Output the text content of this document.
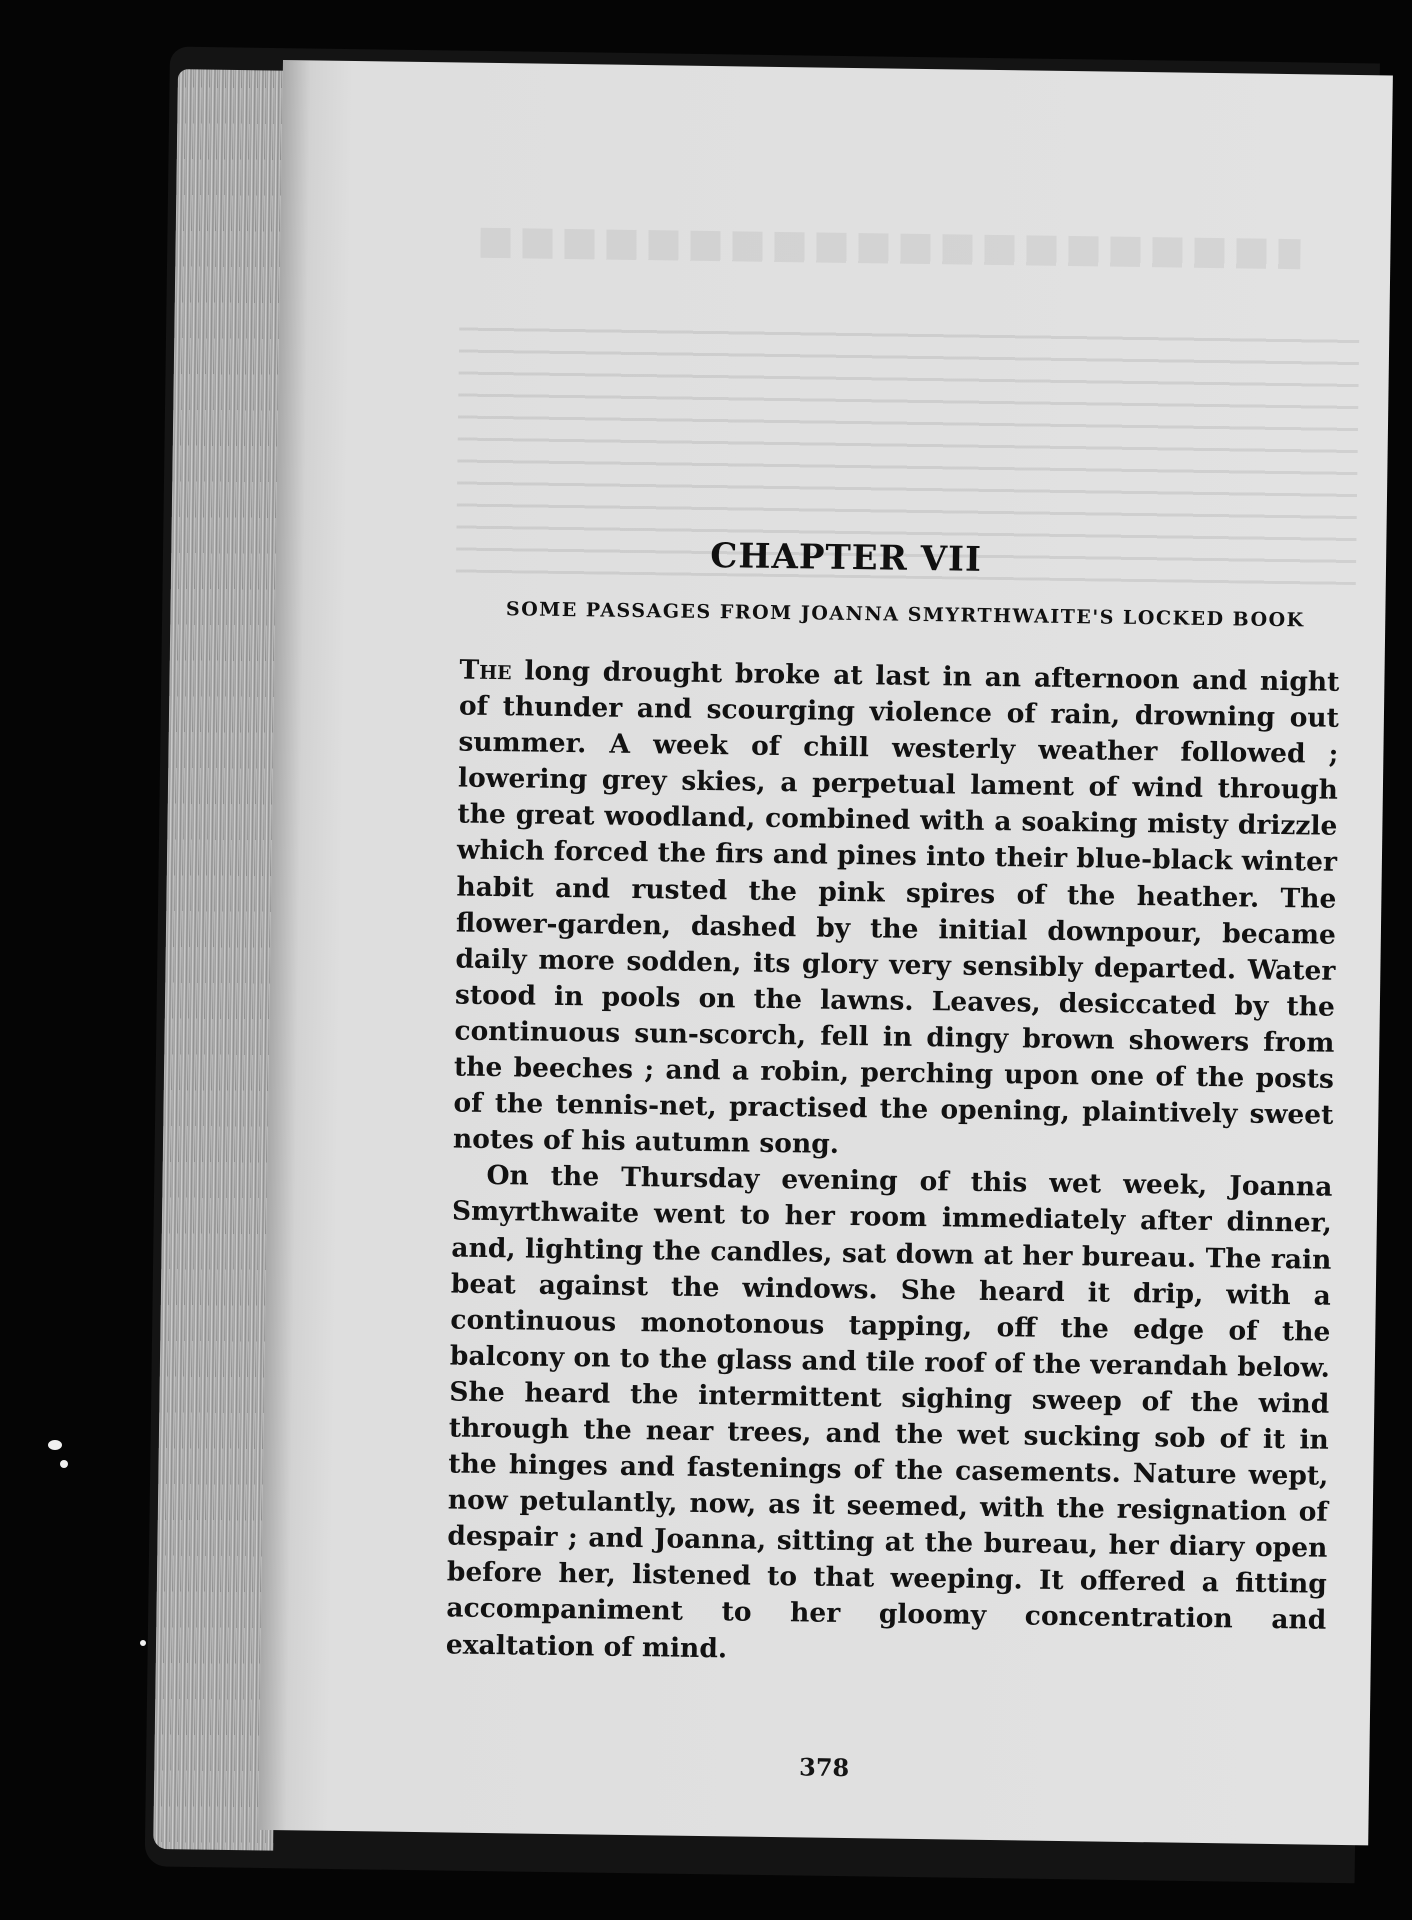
CHAPTER VII
SOME PASSAGES FROM JOANNA SMYRTHWAITE'S LOCKED BOOK

The long drought broke at last in an afternoon and night of thunder and scourging violence of rain, drowning out summer. A week of chill westerly weather followed ; lowering grey skies, a perpetual lament of wind through the great woodland, combined with a soaking misty drizzle which forced the firs and pines into their blue-black winter habit and rusted the pink spires of the heather. The flower-garden, dashed by the initial downpour, became daily more sodden, its glory very sensibly departed. Water stood in pools on the lawns. Leaves, desiccated by the continuous sun-scorch, fell in dingy brown showers from the beeches ; and a robin, perching upon one of the posts of the tennis-net, practised the opening, plaintively sweet notes of his autumn song.

On the Thursday evening of this wet week, Joanna Smyrthwaite went to her room immediately after dinner, and, lighting the candles, sat down at her bureau. The rain beat against the windows. She heard it drip, with a continuous monotonous tapping, off the edge of the balcony on to the glass and tile roof of the verandah below. She heard the intermittent sighing sweep of the wind through the near trees, and the wet sucking sob of it in the hinges and fastenings of the casements. Nature wept, now petulantly, now, as it seemed, with the resignation of despair ; and Joanna, sitting at the bureau, her diary open before her, listened to that weeping. It offered a fitting accompaniment to her gloomy concentration and exaltation of mind.

378
